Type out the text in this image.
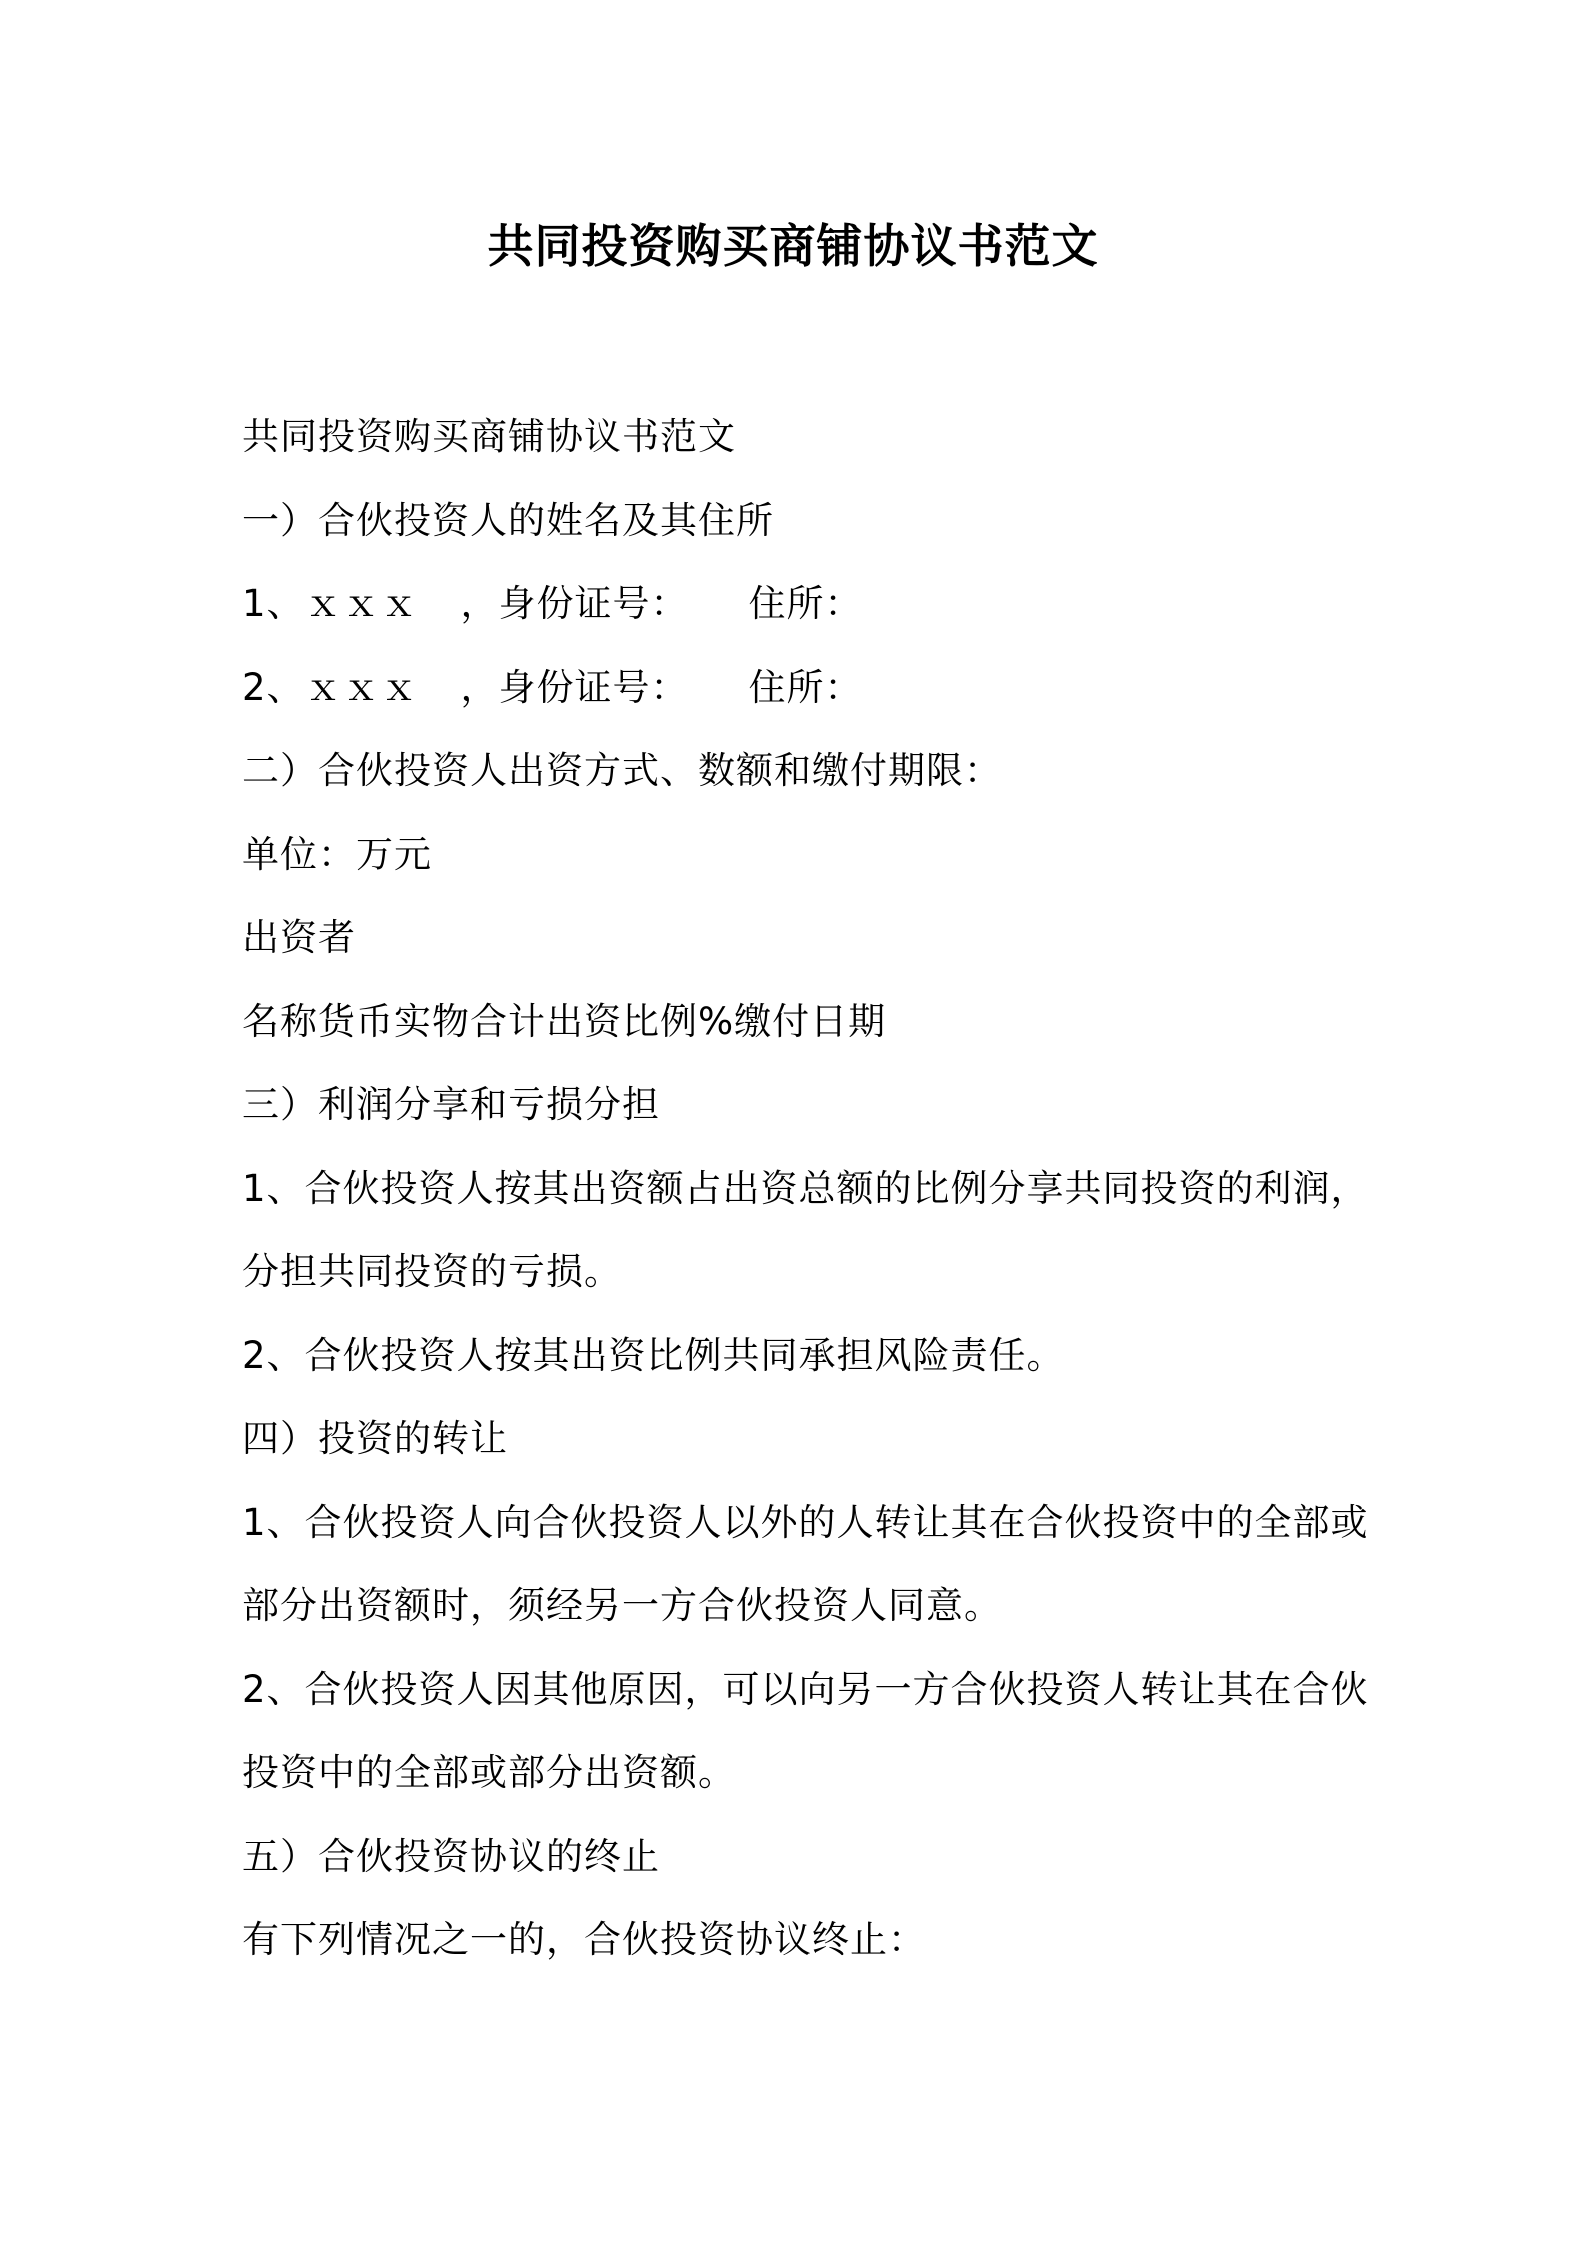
共同投资购买商铺协议书范文
共同投资购买商铺协议书范文
一）合伙投资人的姓名及其住所
1、ｘｘｘ ，身份证号： 住所：
2、ｘｘｘ ，身份证号： 住所：
二）合伙投资人出资方式、数额和缴付期限：
单位：万元
出资者
名称货币实物合计出资比例%缴付日期
三）利润分享和亏损分担
1、合伙投资人按其出资额占出资总额的比例分享共同投资的利润，
分担共同投资的亏损。
2、合伙投资人按其出资比例共同承担风险责任。
四）投资的转让
1、合伙投资人向合伙投资人以外的人转让其在合伙投资中的全部或
部分出资额时，须经另一方合伙投资人同意。
2、合伙投资人因其他原因，可以向另一方合伙投资人转让其在合伙
投资中的全部或部分出资额。
五）合伙投资协议的终止
有下列情况之一的，合伙投资协议终止：
